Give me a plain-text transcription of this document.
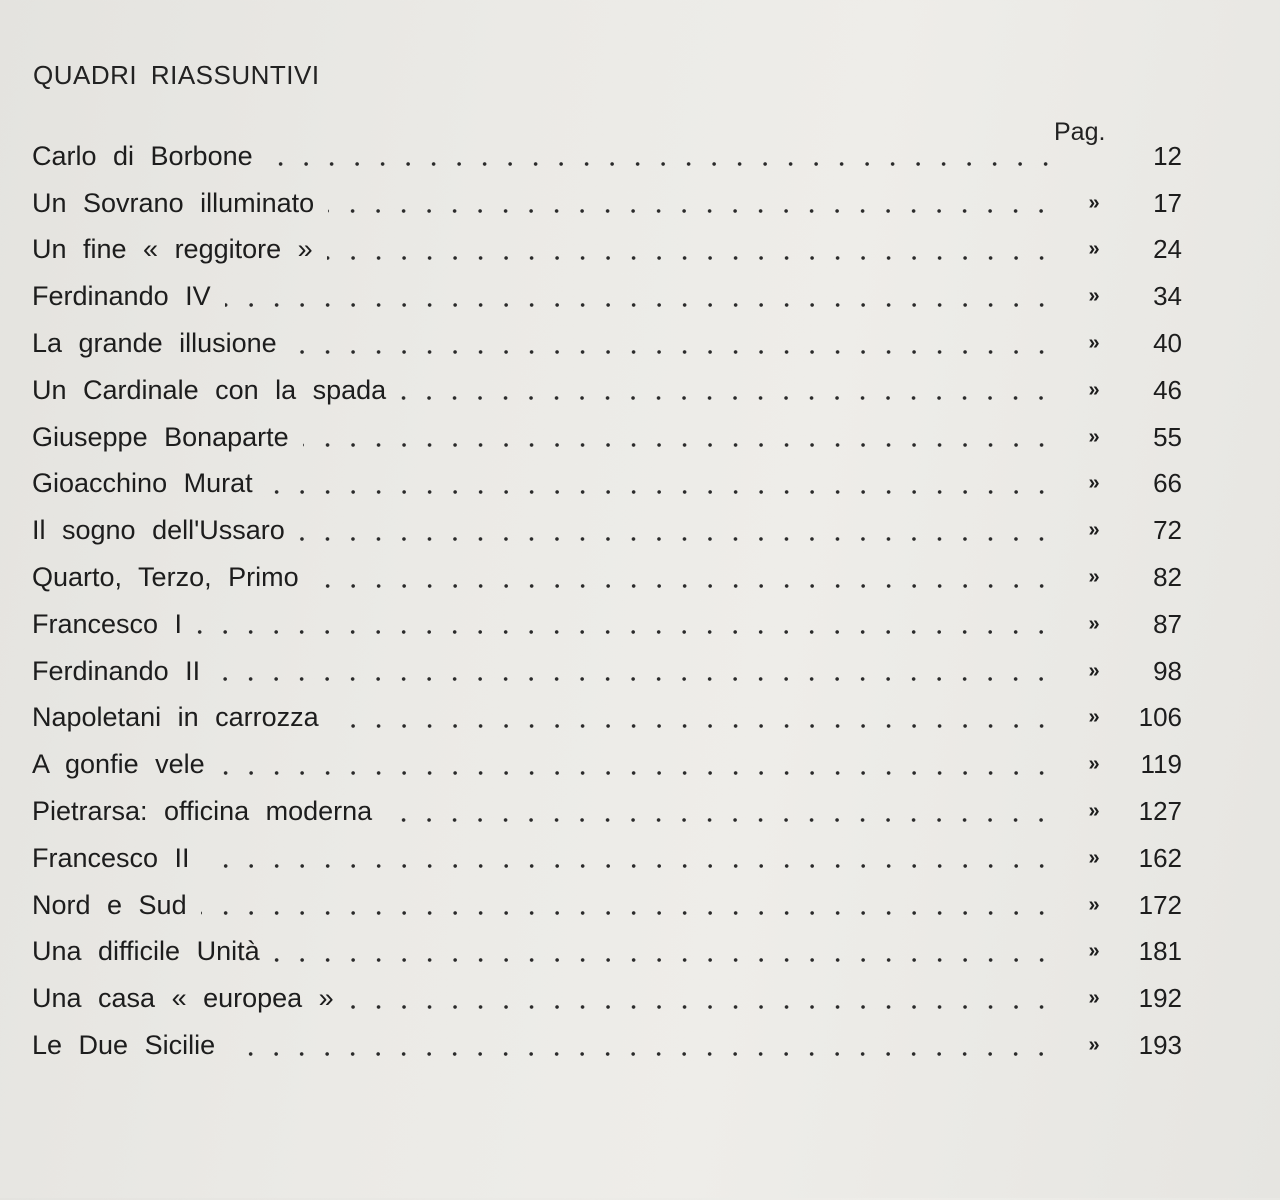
QUADRI RIASSUNTIVI
Pag.
Carlo di Borbone	12
Un Sovrano illuminato	»	17
Un fine « reggitore »	»	24
Ferdinando IV	»	34
La grande illusione	»	40
Un Cardinale con la spada	»	46
Giuseppe Bonaparte	»	55
Gioacchino Murat	»	66
Il sogno dell'Ussaro	»	72
Quarto, Terzo, Primo	»	82
Francesco I	»	87
Ferdinando II	»	98
Napoletani in carrozza	»	106
A gonfie vele	»	119
Pietrarsa: officina moderna	»	127
Francesco II	»	162
Nord e Sud	»	172
Una difficile Unità	»	181
Una casa « europea »	»	192
Le Due Sicilie	»	193
